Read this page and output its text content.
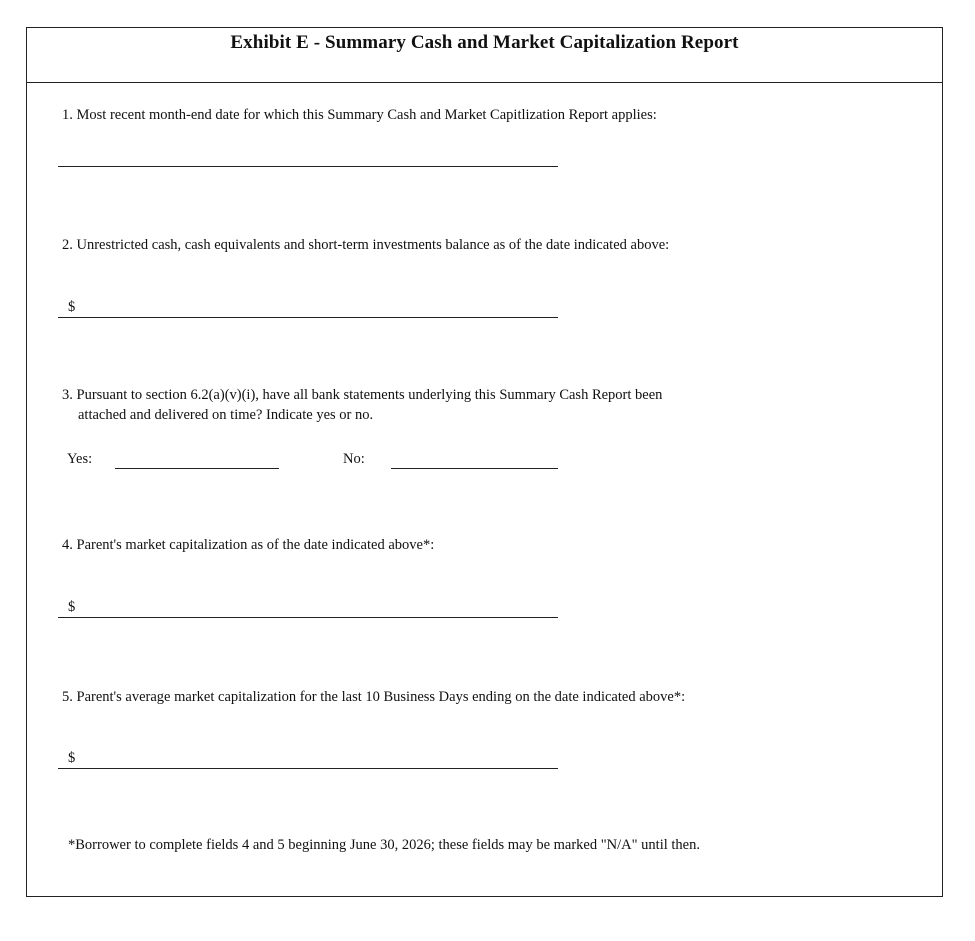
Exhibit E - Summary Cash and Market Capitalization Report
1. Most recent month-end date for which this Summary Cash and Market Capitlization Report applies:
2. Unrestricted cash, cash equivalents and short-term investments balance as of the date indicated above:
$
3. Pursuant to section 6.2(a)(v)(i), have all bank statements underlying this Summary Cash Report been
attached and delivered on time? Indicate yes or no.
Yes:	No:
4. Parent's market capitalization as of the date indicated above*:
$
5. Parent's average market capitalization for the last 10 Business Days ending on the date indicated above*:
$
*Borrower to complete fields 4 and 5 beginning June 30, 2026; these fields may be marked "N/A" until then.
